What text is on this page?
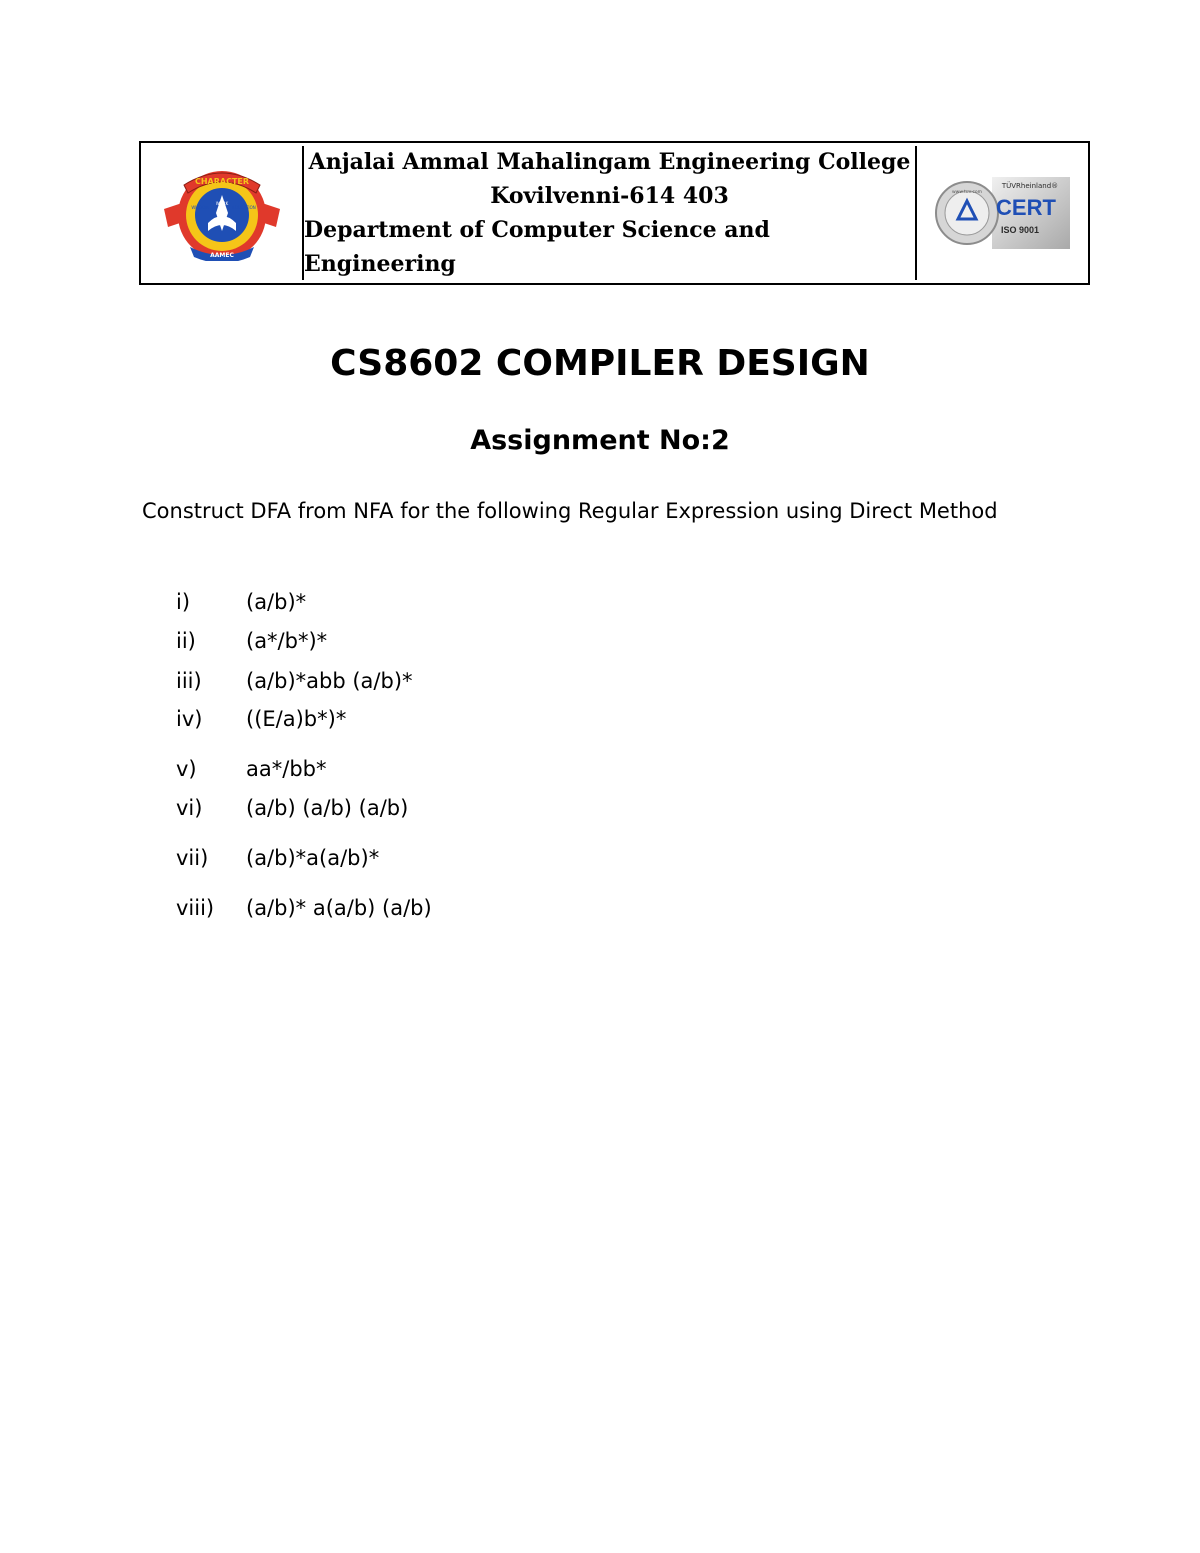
CHARACTER
WISDOM	EDUCATION
WORK
AAMEC
Anjalai Ammal Mahalingam Engineering College
Kovilvenni-614 403
Department of Computer Science and Engineering
www.tuv.com
TÜVRheinland®
CERT
ISO 9001
CS8602 COMPILER DESIGN
Assignment No:2
Construct DFA from NFA for the following Regular Expression using Direct Method
i)	(a/b)*
ii) (a*/b*)*
iii) (a/b)*abb (a/b)*
iv) ((E/a)b*)*
v) aa*/bb*
vi) (a/b) (a/b) (a/b)
vii) (a/b)*a(a/b)*
viii) (a/b)* a(a/b) (a/b)
